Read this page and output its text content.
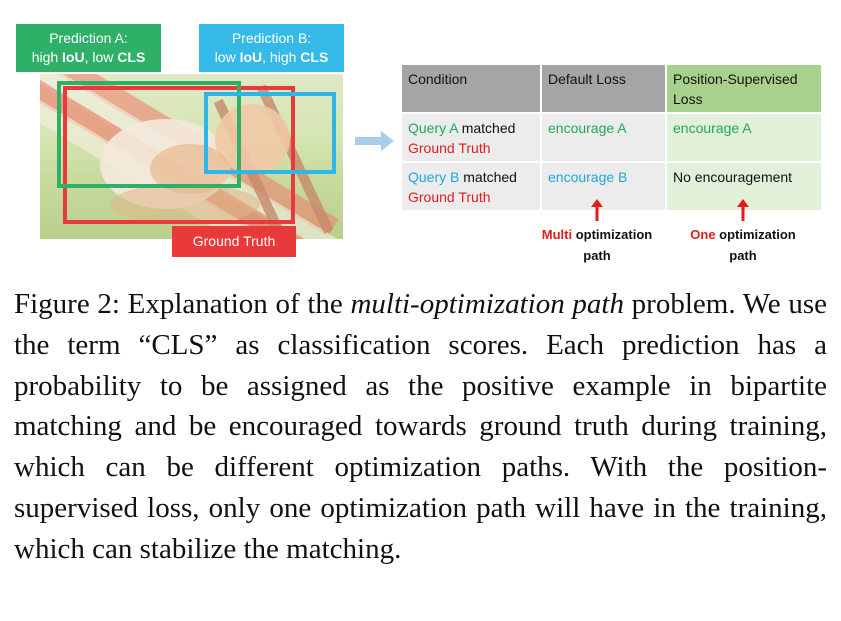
Prediction A:
high IoU, low CLS
Prediction B:
low IoU, high CLS
Ground Truth
Condition	Default Loss	Position-Supervised Loss
Query A matched
Ground Truth	encourage A	encourage A
Query B matched
Ground Truth	encourage B	No encouragement
Multi optimization
path
One optimization
path

Figure 2: Explanation of the multi-optimization path problem. We use the term “CLS” as classification scores. Each prediction has a probability to be assigned as the positive example in bipartite matching and be encouraged towards ground truth during training, which can be different optimization paths. With the position-supervised loss, only one optimization path will have in the training, which can stabilize the matching.
